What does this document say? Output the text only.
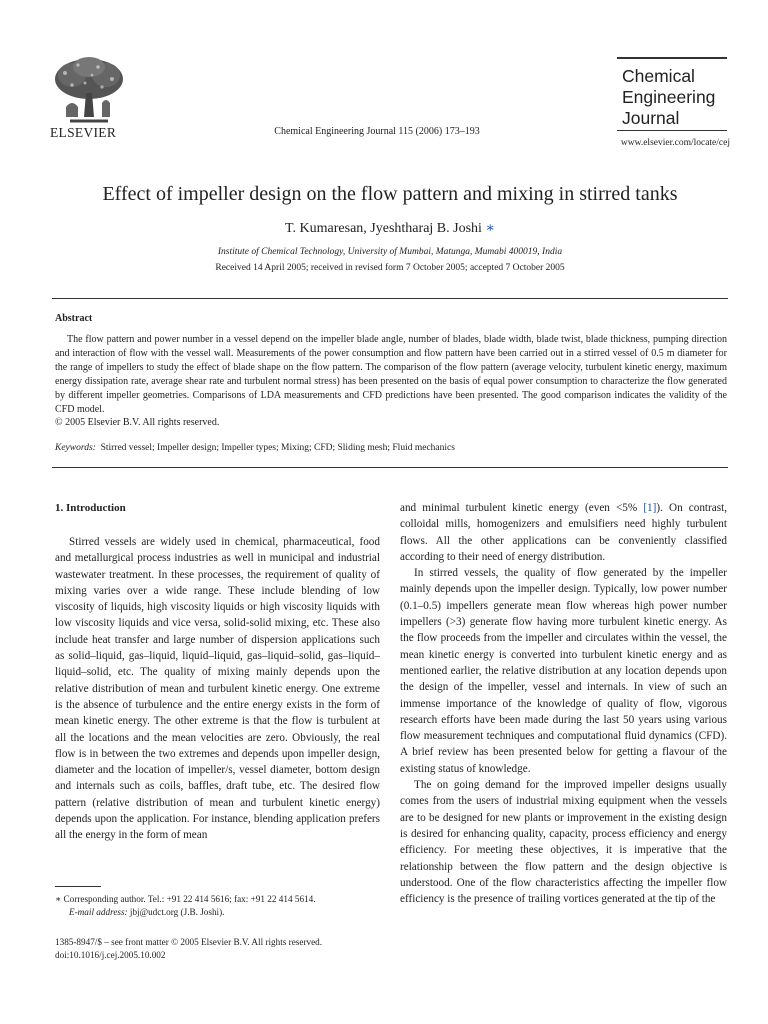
ELSEVIER	Chemical Engineering Journal 115 (2006) 173–193
Chemical
Engineering
Journal
www.elsevier.com/locate/cej
Effect of impeller design on the flow pattern and mixing in stirred tanks
T. Kumaresan, Jyeshtharaj B. Joshi ∗
Institute of Chemical Technology, University of Mumbai, Matunga, Mumabi 400019, India
Received 14 April 2005; received in revised form 7 October 2005; accepted 7 October 2005
Abstract

The flow pattern and power number in a vessel depend on the impeller blade angle, number of blades, blade width, blade twist, blade thickness, pumping direction and interaction of flow with the vessel wall. Measurements of the power consumption and flow pattern have been carried out in a stirred vessel of 0.5 m diameter for the range of impellers to study the effect of blade shape on the flow pattern. The comparison of the flow pattern (average velocity, turbulent kinetic energy, maximum energy dissipation rate, average shear rate and turbulent normal stress) has been presented on the basis of equal power consumption to characterize the flow generated by different impeller geometries. Comparisons of LDA measurements and CFD predictions have been presented. The good comparison indicates the validity of the CFD model.

© 2005 Elsevier B.V. All rights reserved.
Keywords: Stirred vessel; Impeller design; Impeller types; Mixing; CFD; Sliding mesh; Fluid mechanics
1. Introduction

Stirred vessels are widely used in chemical, pharmaceutical, food and metallurgical process industries as well in municipal and industrial wastewater treatment. In these processes, the requirement of quality of mixing varies over a wide range. These include blending of low viscosity of liquids, high viscosity liquids or high viscosity liquids with low viscosity liquids and vice versa, solid-solid mixing, etc. These also include heat transfer and large number of dispersion applications such as solid–liquid, gas–liquid, liquid–liquid, gas–liquid–solid, gas–liquid–liquid–solid, etc. The quality of mixing mainly depends upon the relative distribution of mean and turbulent kinetic energy. One extreme is the absence of turbulence and the entire energy exists in the form of mean kinetic energy. The other extreme is that the flow is turbulent at all the locations and the mean velocities are zero. Obviously, the real flow is in between the two extremes and depends upon impeller design, diameter and the location of impeller/s, vessel diameter, bottom design and internals such as coils, baffles, draft tube, etc. The desired flow pattern (relative distribution of mean and turbulent kinetic energy) depends upon the application. For instance, blending application prefers all the energy in the form of mean

and minimal turbulent kinetic energy (even <5% [1]). On contrast, colloidal mills, homogenizers and emulsifiers need highly turbulent flows. All the other applications can be conveniently classified according to their need of energy distribution.

In stirred vessels, the quality of flow generated by the impeller mainly depends upon the impeller design. Typically, low power number (0.1–0.5) impellers generate mean flow whereas high power number impellers (>3) generate flow having more turbulent kinetic energy. As the flow proceeds from the impeller and circulates within the vessel, the mean kinetic energy is converted into turbulent kinetic energy and as mentioned earlier, the relative distribution at any location depends upon the design of the impeller, vessel and internals. In view of such an immense importance of the knowledge of quality of flow, vigorous research efforts have been made during the last 50 years using various flow measurement techniques and computational fluid dynamics (CFD). A brief review has been presented below for getting a flavour of the existing status of knowledge.

The on going demand for the improved impeller designs usually comes from the users of industrial mixing equipment when the vessels are to be designed for new plants or improvement in the existing design is desired for enhancing quality, capacity, process efficiency and energy efficiency. For meeting these objectives, it is imperative that the relationship between the flow pattern and the design objective is understood. One of the flow characteristics affecting the impeller flow efficiency is the presence of trailing vortices generated at the tip of the

∗ Corresponding author. Tel.: +91 22 414 5616; fax: +91 22 414 5614.
E-mail address: jbj@udct.org (J.B. Joshi).
1385-8947/$ – see front matter © 2005 Elsevier B.V. All rights reserved.
doi:10.1016/j.cej.2005.10.002
